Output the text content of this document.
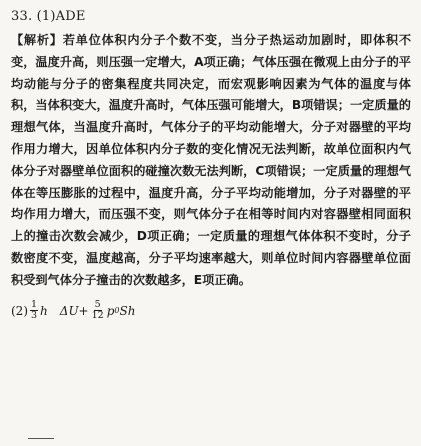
33. (1)ADE
【解析】若单位体积内分子个数不变，当分子热运动加剧时，即体积不变，温度升高，则压强一定增大，A项正确；气体压强在微观上由分子的平均动能与分子的密集程度共同决定，而宏观影响因素为气体的温度与体积，当体积变大，温度升高时，气体压强可能增大，B项错误；一定质量的理想气体，当温度升高时，气体分子的平均动能增大，分子对器壁的平均作用力增大，因单位体积内分子数的变化情况无法判断，故单位面积内气体分子对器壁单位面积的碰撞次数无法判断，C项错误；一定质量的理想气体在等压膨胀的过程中，温度升高，分子平均动能增加，分子对器壁的平均作用力增大，而压强不变，则气体分子在相等时间内对容器壁相同面积上的撞击次数会减少，D项正确；一定质量的理想气体体积不变时，分子数密度不变，温度越高，分子平均速率越大，则单位时间内容器壁单位面积受到气体分子撞击的次数越多，E项正确。
$(2) \frac{1}{3}$ h $\Delta U+ \frac{5}{12}$ p 0 Sh
